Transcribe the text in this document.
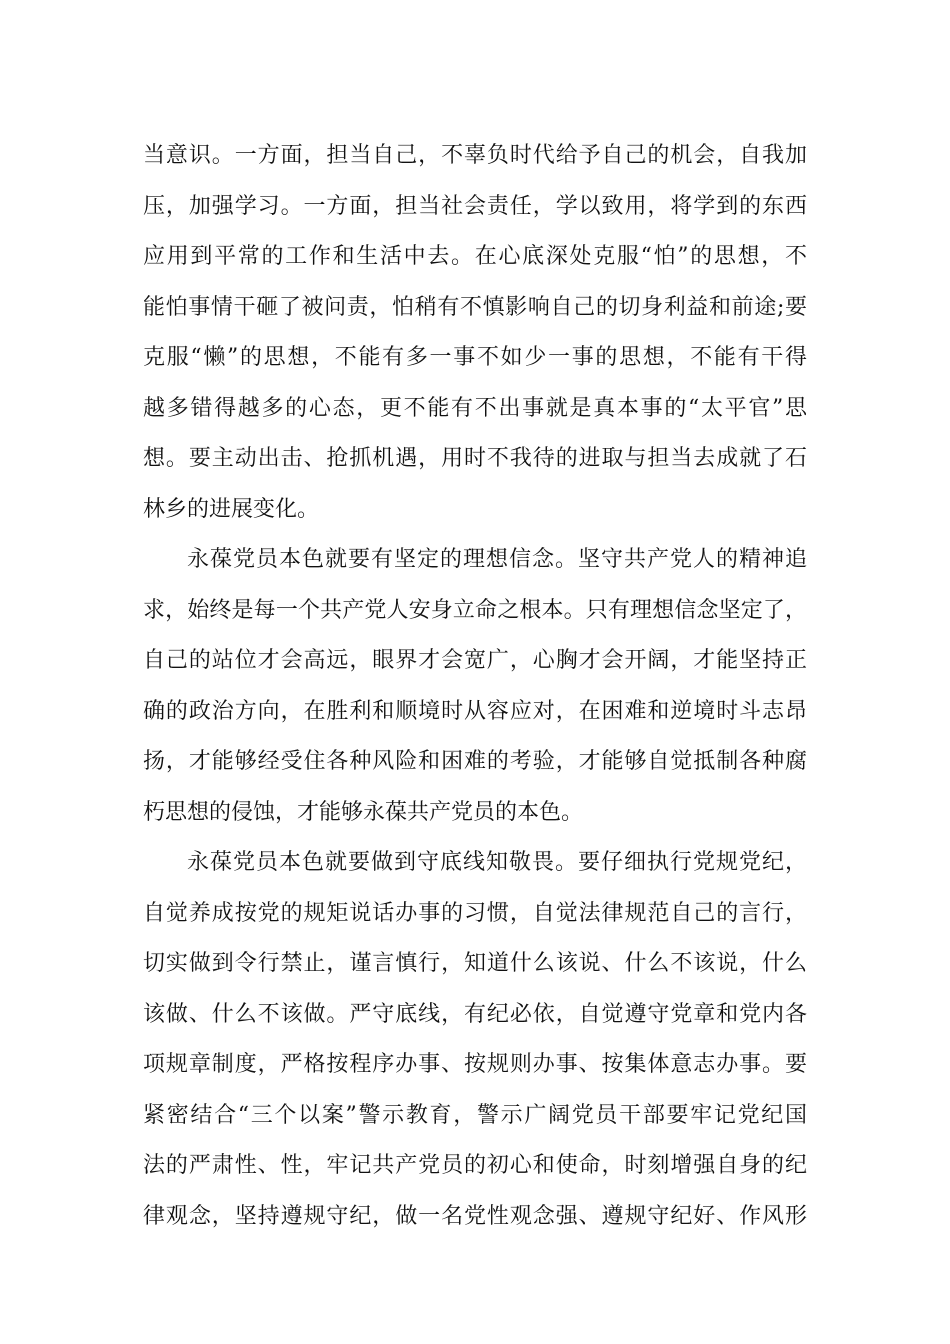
当意识。一方面，担当自己，不辜负时代给予自己的机会，自我加
压，加强学习。一方面，担当社会责任，学以致用，将学到的东西
应用到平常的工作和生活中去。在心底深处克服“怕”的思想，不
能怕事情干砸了被问责，怕稍有不慎影响自己的切身利益和前途;要
克服“懒”的思想，不能有多一事不如少一事的思想，不能有干得
越多错得越多的心态，更不能有不出事就是真本事的“太平官”思
想。要主动出击、抢抓机遇，用时不我待的进取与担当去成就了石
林乡的进展变化。
永葆党员本色就要有坚定的理想信念。坚守共产党人的精神追
求，始终是每一个共产党人安身立命之根本。只有理想信念坚定了，
自己的站位才会高远，眼界才会宽广，心胸才会开阔，才能坚持正
确的政治方向，在胜利和顺境时从容应对，在困难和逆境时斗志昂
扬，才能够经受住各种风险和困难的考验，才能够自觉抵制各种腐
朽思想的侵蚀，才能够永葆共产党员的本色。
永葆党员本色就要做到守底线知敬畏。要仔细执行党规党纪，
自觉养成按党的规矩说话办事的习惯，自觉法律规范自己的言行，
切实做到令行禁止，谨言慎行，知道什么该说、什么不该说，什么
该做、什么不该做。严守底线，有纪必依，自觉遵守党章和党内各
项规章制度，严格按程序办事、按规则办事、按集体意志办事。要
紧密结合“三个以案”警示教育，警示广阔党员干部要牢记党纪国
法的严肃性、性，牢记共产党员的初心和使命，时刻增强自身的纪
律观念，坚持遵规守纪，做一名党性观念强、遵规守纪好、作风形
